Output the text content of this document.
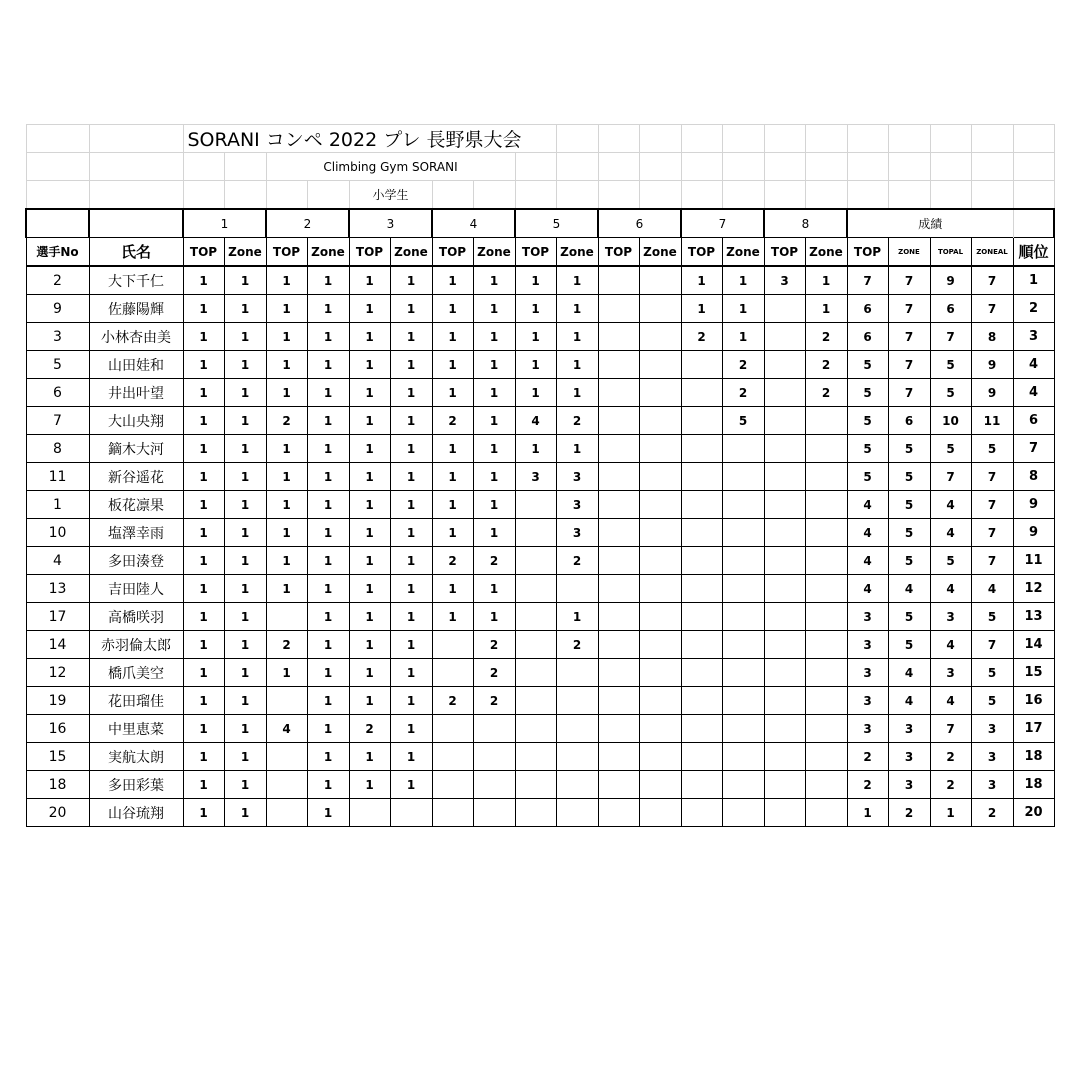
		SORANI コンペ 2022 プレ 長野県大会																				
				Climbing Gym SORANI																		
						小学生																
		1		2		3		4		5		6		7		8		成績				
選手No	氏名	TOP	Zone	TOP	Zone	TOP	Zone	TOP	Zone	TOP	Zone	TOP	Zone	TOP	Zone	TOP	Zone	TOP	ZONE	TOPAL	ZONEAL	順位
2	大下千仁	1	1	1	1	1	1	1	1	1	1			1	1	3	1	7	7	9	7	1
9	佐藤陽輝	1	1	1	1	1	1	1	1	1	1			1	1		1	6	7	6	7	2
3	小林杏由美	1	1	1	1	1	1	1	1	1	1			2	1		2	6	7	7	8	3
5	山田娃和	1	1	1	1	1	1	1	1	1	1				2		2	5	7	5	9	4
6	井出叶望	1	1	1	1	1	1	1	1	1	1				2		2	5	7	5	9	4
7	大山央翔	1	1	2	1	1	1	2	1	4	2				5			5	6	10	11	6
8	鏑木大河	1	1	1	1	1	1	1	1	1	1							5	5	5	5	7
11	新谷遥花	1	1	1	1	1	1	1	1	3	3							5	5	7	7	8
1	板花凛果	1	1	1	1	1	1	1	1		3							4	5	4	7	9
10	塩澤幸雨	1	1	1	1	1	1	1	1		3							4	5	4	7	9
4	多田湊登	1	1	1	1	1	1	2	2		2							4	5	5	7	11
13	吉田陸人	1	1	1	1	1	1	1	1									4	4	4	4	12
17	高橋咲羽	1	1		1	1	1	1	1		1							3	5	3	5	13
14	赤羽倫太郎	1	1	2	1	1	1		2		2							3	5	4	7	14
12	橋爪美空	1	1	1	1	1	1		2									3	4	3	5	15
19	花田瑠佳	1	1		1	1	1	2	2									3	4	4	5	16
16	中里恵菜	1	1	4	1	2	1											3	3	7	3	17
15	実航太朗	1	1		1	1	1											2	3	2	3	18
18	多田彩葉	1	1		1	1	1											2	3	2	3	18
20	山谷琉翔	1	1		1													1	2	1	2	20
